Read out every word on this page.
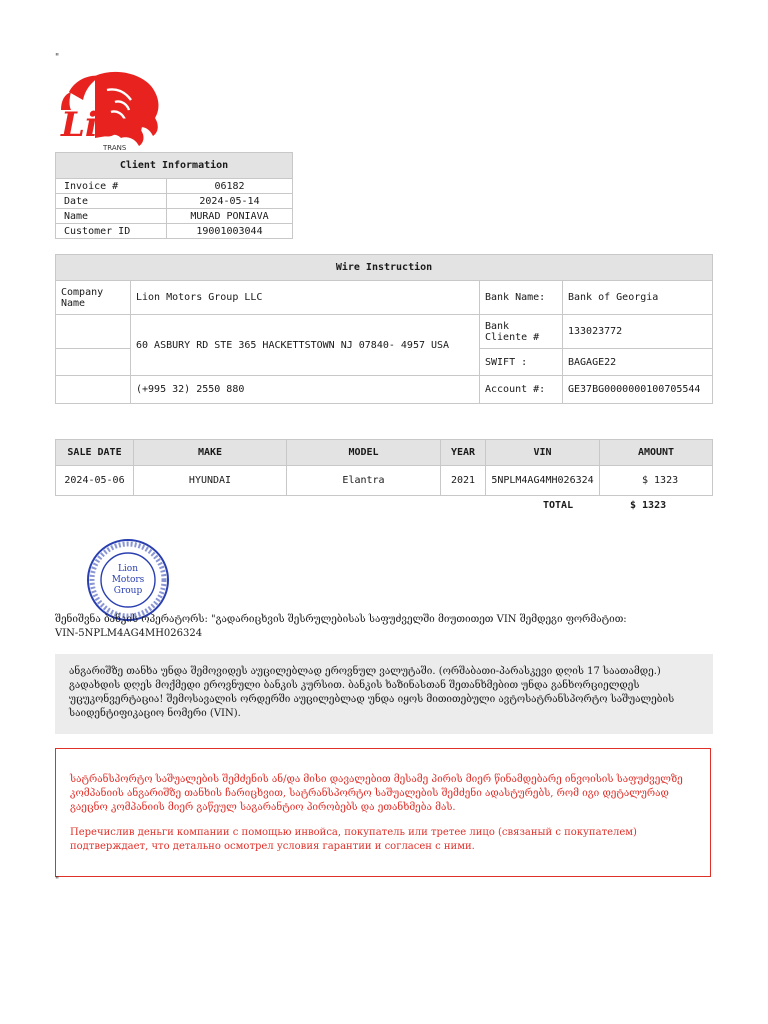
"
Lion
TRANS
Client Information	
Invoice #	06182
Date	2024-05-14
Name	MURAD PONIAVA
Customer ID	19001003044
Wire Instruction			
Company Name	Lion Motors Group LLC	Bank Name:	Bank of Georgia
	60 ASBURY RD STE 365 HACKETTSTOWN NJ 07840- 4957 USA	Bank Cliente #	133023772
		SWIFT :	BAGAGE22
	(+995 32) 2550 880	Account #:	GE37BG0000000100705544
SALE DATE	MAKE	MODEL	YEAR	VIN	AMOUNT
2024-05-06	HYUNDAI	Elantra	2021	5NPLM4AG4MH026324	$ 1323
TOTAL	$ 1323
Lion
Motors
Group
შენიშვნა ბანკის ოპერატორს: "გადარიცხვის შესრულებისას საფუძველში მიუთითეთ VIN შემდეგი ფორმატით:
VIN-5NPLM4AG4MH026324
ანგარიშზე თანხა უნდა შემოვიდეს აუცილებლად ეროვნულ ვალუტაში. (ორშაბათი-პარასკევი დღის 17 საათამდე.) გადახდის დღეს მოქმედი ეროვნული ბანკის კურსით. ბანკის ხაზინასთან შეთანხმებით უნდა განხორციელდეს უცუკონვერტაცია! შემოსავალის ორდერში აუცილებლად უნდა იყოს მითითებული ავტოსატრანსპორტო საშუალების საიდენტიფიკაციო ნომერი (VIN).

სატრანსპორტო საშუალების შემძენის ან/და მისი დავალებით მესამე პირის მიერ წინამდებარე ინვოისის საფუძველზე კომპანიის ანგარიშზე თანხის ჩარიცხვით, სატრანსპორტო საშუალების შემძენი ადასტურებს, რომ იგი დეტალურად გაეცნო კომპანიის მიერ გაწეულ საგარანტიო პირობებს და ეთანხმება მას.

Перечислив деньги компании с помощью инвойса, покупатель или третее лицо (связаный с покупателем) подтверждает, что детально осмотрел условия гарантии и согласен с ними.

"
